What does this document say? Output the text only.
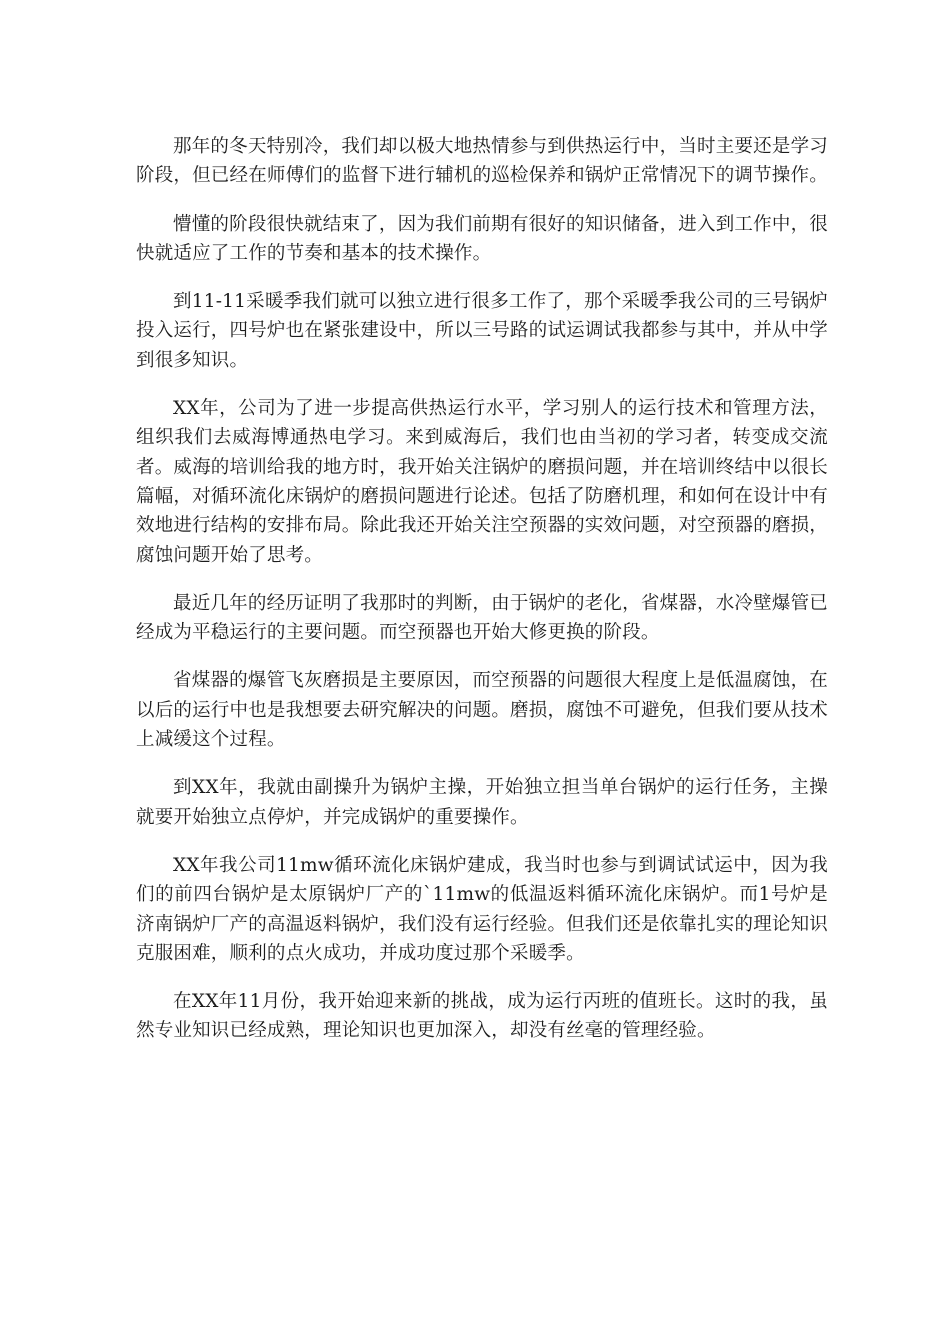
那年的冬天特别冷，我们却以极大地热情参与到供热运行中，当时主要还是学习阶段，但已经在师傅们的监督下进行辅机的巡检保养和锅炉正常情况下的调节操作。

懵懂的阶段很快就结束了，因为我们前期有很好的知识储备，进入到工作中，很快就适应了工作的节奏和基本的技术操作。

到11-11采暖季我们就可以独立进行很多工作了，那个采暖季我公司的三号锅炉投入运行，四号炉也在紧张建设中，所以三号路的试运调试我都参与其中，并从中学到很多知识。

XX年，公司为了进一步提高供热运行水平，学习别人的运行技术和管理方法，组织我们去威海博通热电学习。来到威海后，我们也由当初的学习者，转变成交流者。威海的培训给我的地方时，我开始关注锅炉的磨损问题，并在培训终结中以很长篇幅，对循环流化床锅炉的磨损问题进行论述。包括了防磨机理，和如何在设计中有效地进行结构的安排布局。除此我还开始关注空预器的实效问题，对空预器的磨损，腐蚀问题开始了思考。

最近几年的经历证明了我那时的判断，由于锅炉的老化，省煤器，水冷壁爆管已经成为平稳运行的主要问题。而空预器也开始大修更换的阶段。

省煤器的爆管飞灰磨损是主要原因，而空预器的问题很大程度上是低温腐蚀，在以后的运行中也是我想要去研究解决的问题。磨损，腐蚀不可避免，但我们要从技术上减缓这个过程。

到XX年，我就由副操升为锅炉主操，开始独立担当单台锅炉的运行任务，主操就要开始独立点停炉，并完成锅炉的重要操作。

XX年我公司11mw循环流化床锅炉建成，我当时也参与到调试试运中，因为我们的前四台锅炉是太原锅炉厂产的`11mw的低温返料循环流化床锅炉。而1号炉是济南锅炉厂产的高温返料锅炉，我们没有运行经验。但我们还是依靠扎实的理论知识克服困难，顺利的点火成功，并成功度过那个采暖季。

在XX年11月份，我开始迎来新的挑战，成为运行丙班的值班长。这时的我，虽然专业知识已经成熟，理论知识也更加深入，却没有丝毫的管理经验。
